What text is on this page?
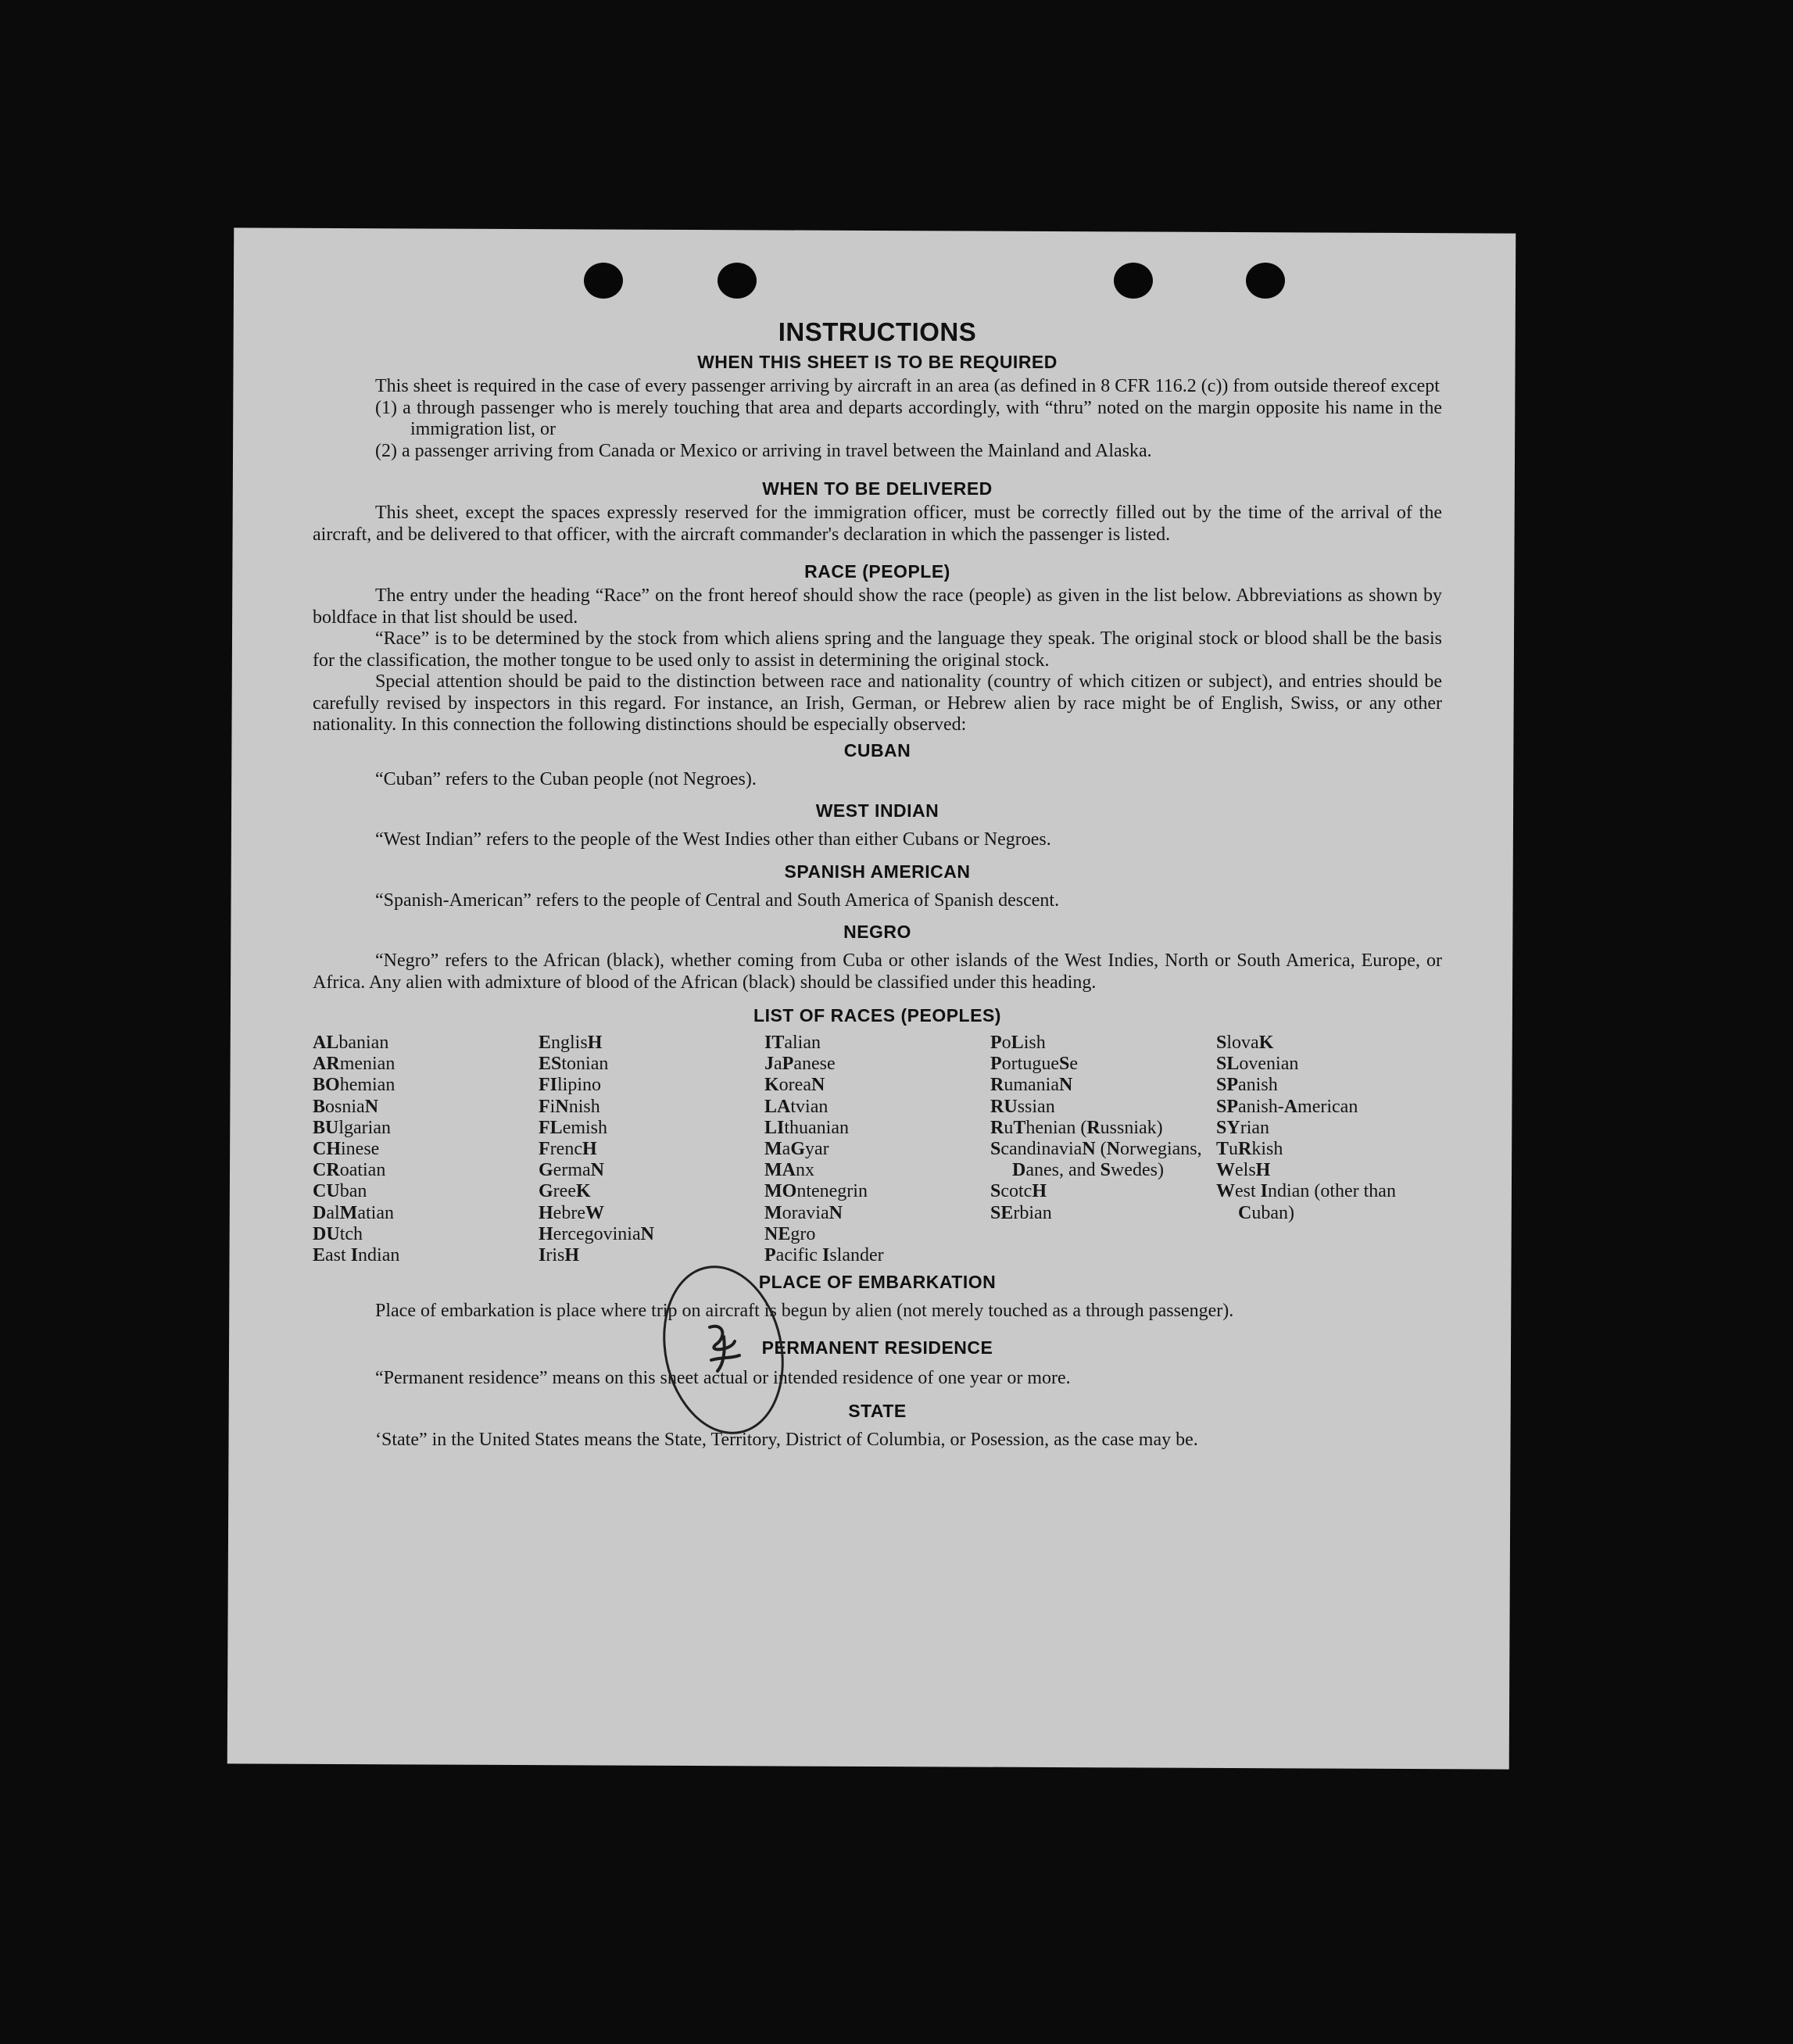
INSTRUCTIONS
WHEN THIS SHEET IS TO BE REQUIRED

This sheet is required in the case of every passenger arriving by aircraft in an area (as defined in 8 CFR 116.2 (c)) from outside thereof except

(1) a through passenger who is merely touching that area and departs accordingly, with “thru” noted on the margin opposite his name in the immigration list, or

(2) a passenger arriving from Canada or Mexico or arriving in travel between the Mainland and Alaska.

WHEN TO BE DELIVERED

This sheet, except the spaces expressly reserved for the immigration officer, must be correctly filled out by the time of the arrival of the aircraft, and be delivered to that officer, with the aircraft commander's declaration in which the passenger is listed.

RACE (PEOPLE)

The entry under the heading “Race” on the front hereof should show the race (people) as given in the list below. Abbreviations as shown by boldface in that list should be used.

“Race” is to be determined by the stock from which aliens spring and the language they speak. The original stock or blood shall be the basis for the classification, the mother tongue to be used only to assist in determining the original stock.

Special attention should be paid to the distinction between race and nationality (country of which citizen or subject), and entries should be carefully revised by inspectors in this regard. For instance, an Irish, German, or Hebrew alien by race might be of English, Swiss, or any other nationality. In this connection the following distinctions should be especially observed:

CUBAN

“Cuban” refers to the Cuban people (not Negroes).

WEST INDIAN

“West Indian” refers to the people of the West Indies other than either Cubans or Negroes.

SPANISH AMERICAN

“Spanish-American” refers to the people of Central and South America of Spanish descent.

NEGRO

“Negro” refers to the African (black), whether coming from Cuba or other islands of the West Indies, North or South America, Europe, or Africa. Any alien with admixture of blood of the African (black) should be classified under this heading.

LIST OF RACES (PEOPLES)
ALbanian
ARmenian
BOhemian
BosniaN
BUlgarian
CHinese
CRoatian
CUban
DalMatian
DUtch
East Indian
EnglisH
EStonian
FIlipino
FiNnish
FLemish
FrencH
GermaN
GreeK
HebreW
HercegoviniaN
IrisH
ITalian
JaPanese
KoreaN
LAtvian
LIthuanian
MaGyar
MAnx
MOntenegrin
MoraviaN
NEgro
Pacific Islander
PoLish
PortugueSe
RumaniaN
RUssian
RuThenian (Russniak)
ScandinaviaN (Norwegians, Danes, and Swedes)
ScotcH
SErbian
SlovaK
SLovenian
SPanish
SPanish-American
SYrian
TuRkish
WelsH
West Indian (other than Cuban)
PLACE OF EMBARKATION

Place of embarkation is place where trip on aircraft is begun by alien (not merely touched as a through passenger).

PERMANENT RESIDENCE

“Permanent residence” means on this sheet actual or intended residence of one year or more.

STATE

‘State” in the United States means the State, Territory, District of Columbia, or Posession, as the case may be.
